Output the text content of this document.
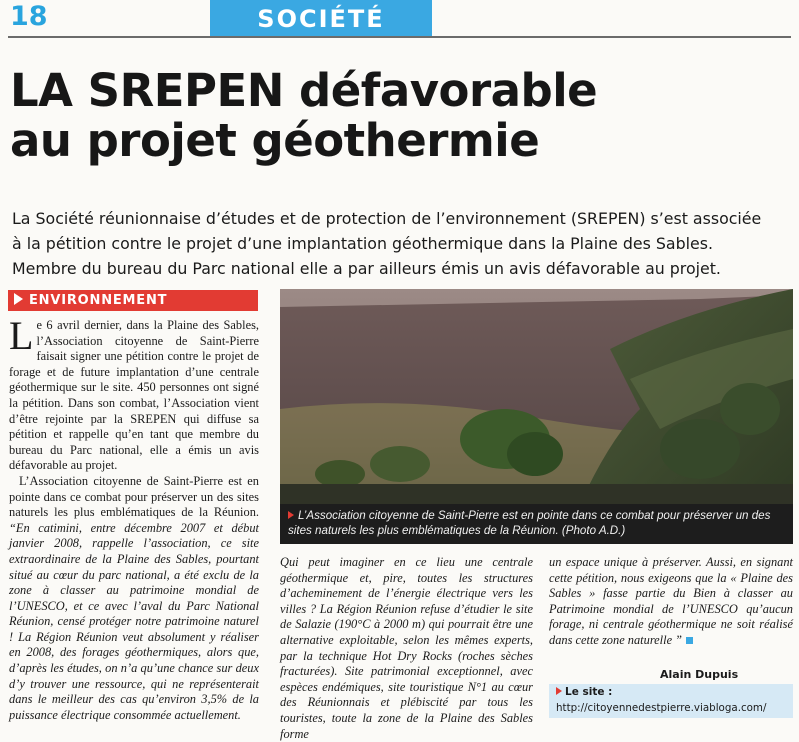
18	SOCIÉTÉ
LA SREPEN défavorable
au projet géothermie
La Société réunionnaise d’études et de protection de l’environnement (SREPEN) s’est associée
à la pétition contre le projet d’une implantation géothermique dans la Plaine des Sables.
Membre du bureau du Parc national elle a par ailleurs émis un avis défavorable au projet.
ENVIRONNEMENT

Le 6 avril dernier, dans la Plaine des Sables, l’Association citoyenne de Saint-Pierre faisait signer une pétition contre le projet de forage et de future implantation d’une centrale géothermique sur le site. 450 personnes ont signé la pétition. Dans son combat, l’Association vient d’être rejointe par la SREPEN qui diffuse sa pétition et rappelle qu’en tant que membre du bureau du Parc national, elle a émis un avis défavorable au projet.

L’Association citoyenne de Saint-Pierre est en pointe dans ce combat pour préserver un des sites naturels les plus emblématiques de la Réunion. “En catimini, entre décembre 2007 et début janvier 2008, rappelle l’association, ce site extraordinaire de la Plaine des Sables, pourtant situé au cœur du parc national, a été exclu de la zone à classer au patrimoine mondial de l’UNESCO, et ce avec l’aval du Parc National Réunion, censé protéger notre patrimoine naturel ! La Région Réunion veut absolument y réaliser en 2008, des forages géothermiques, alors que, d’après les études, on n’a qu’une chance sur deux d’y trouver une ressource, qui ne représenterait dans le meilleur des cas qu’environ 3,5% de la puissance électrique consommée actuellement.

L’Association citoyenne de Saint-Pierre est en pointe dans ce combat pour préserver un des sites naturels les plus emblématiques de la Réunion. (Photo A.D.)
Qui peut imaginer en ce lieu une centrale géothermique et, pire, toutes les structures d’acheminement de l’énergie électrique vers les villes ? La Région Réunion refuse d’étudier le site de Salazie (190°C à 2000 m) qui pourrait être une alternative exploitable, selon les mêmes experts, par la technique Hot Dry Rocks (roches sèches fracturées). Site patrimonial exceptionnel, avec espèces endémiques, site touristique N°1 au cœur des Réunionnais et plébiscité par tous les touristes, toute la zone de la Plaine des Sables forme
un espace unique à préserver. Aussi, en signant cette pétition, nous exigeons que la « Plaine des Sables » fasse partie du Bien à classer au Patrimoine mondial de l’UNESCO qu’aucun forage, ni centrale géothermique ne soit réalisé dans cette zone naturelle ”
Alain Dupuis
Le site :
http://citoyennedestpierre.viabloga.com/
